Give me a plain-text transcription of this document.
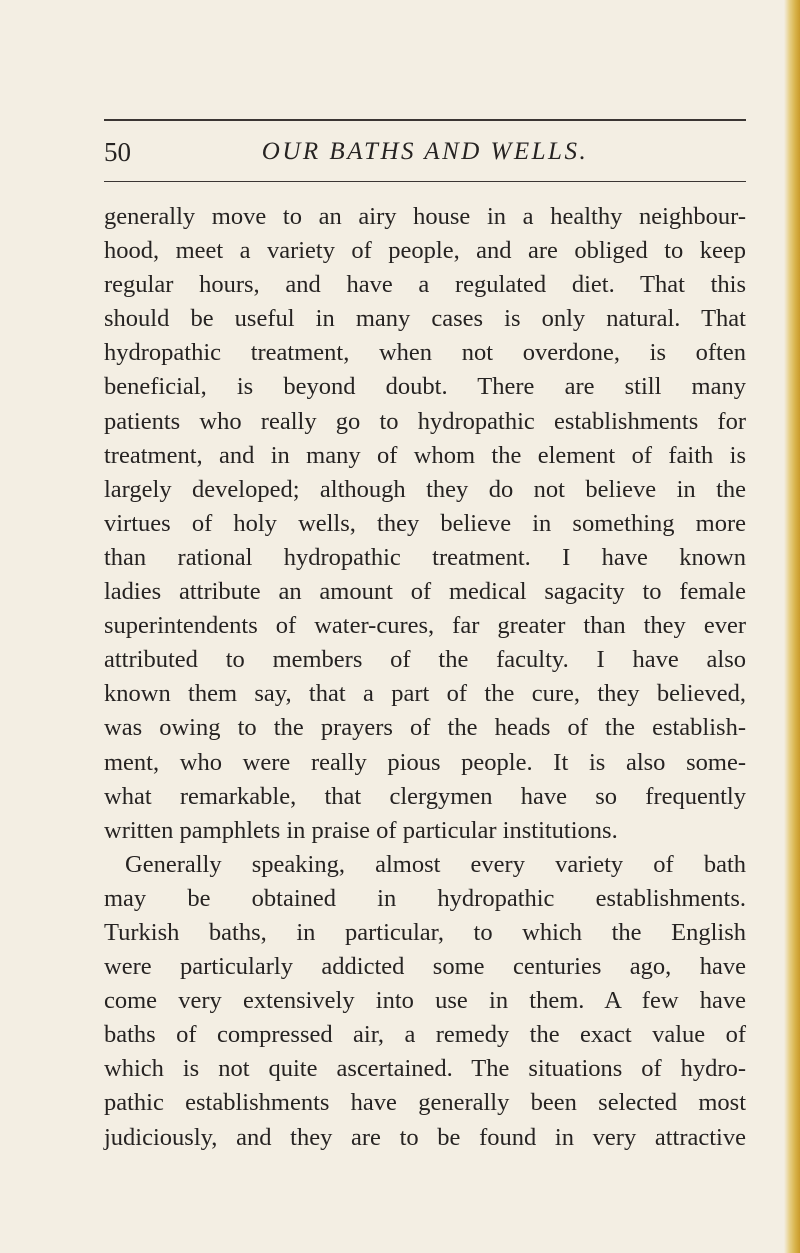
OUR BATHS AND WELLS.
50
generally move to an airy house in a healthy neighbour-
hood, meet a variety of people, and are obliged to keep
regular hours, and have a regulated diet. That this
should be useful in many cases is only natural. That
hydropathic treatment, when not overdone, is often
beneficial, is beyond doubt. There are still many
patients who really go to hydropathic establishments for
treatment, and in many of whom the element of faith is
largely developed; although they do not believe in the
virtues of holy wells, they believe in something more
than rational hydropathic treatment. I have known
ladies attribute an amount of medical sagacity to female
superintendents of water-cures, far greater than they ever
attributed to members of the faculty. I have also
known them say, that a part of the cure, they believed,
was owing to the prayers of the heads of the establish-
ment, who were really pious people. It is also some-
what remarkable, that clergymen have so frequently
written pamphlets in praise of particular institutions.
Generally speaking, almost every variety of bath
may be obtained in hydropathic establishments.
Turkish baths, in particular, to which the English
were particularly addicted some centuries ago, have
come very extensively into use in them. A few have
baths of compressed air, a remedy the exact value of
which is not quite ascertained. The situations of hydro-
pathic establishments have generally been selected most
judiciously, and they are to be found in very attractive
